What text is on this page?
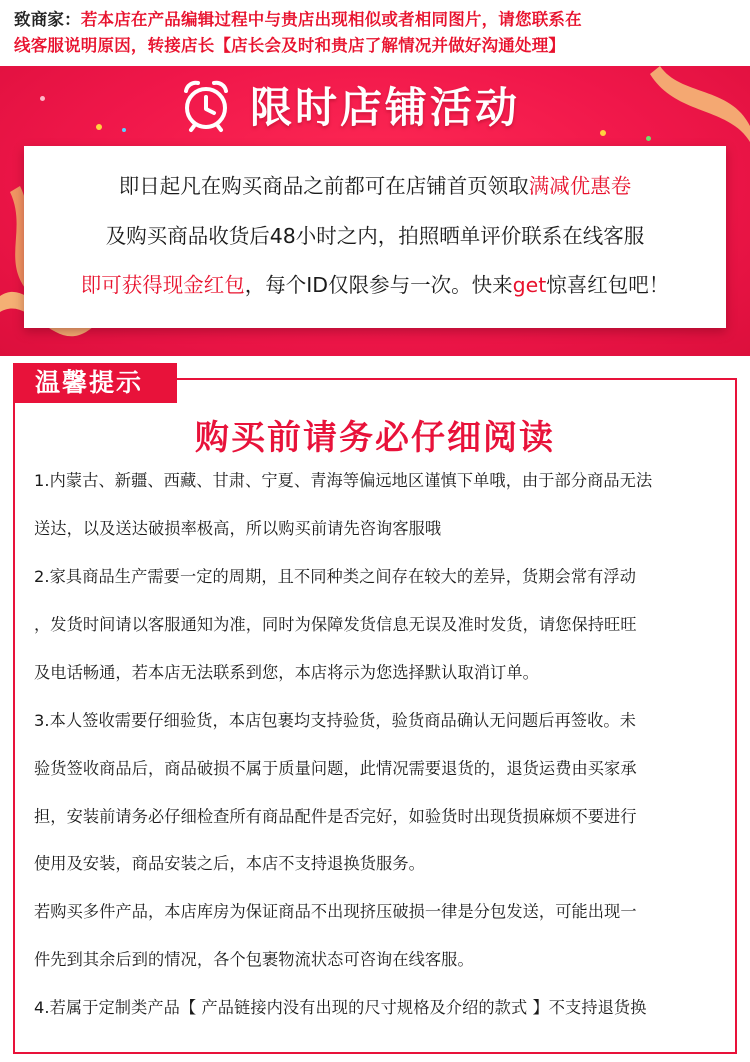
致商家：若本店在产品编辑过程中与贵店出现相似或者相同图片，请您联系在
线客服说明原因，转接店长【店长会及时和贵店了解情况并做好沟通处理】
限时店铺活动
即日起凡在购买商品之前都可在店铺首页领取满减优惠卷
及购买商品收货后48小时之内，拍照晒单评价联系在线客服
即可获得现金红包，每个ID仅限参与一次。快来get惊喜红包吧！
温馨提示
购买前请务必仔细阅读
1.内蒙古、新疆、西藏、甘肃、宁夏、青海等偏远地区谨慎下单哦，由于部分商品无法
送达，以及送达破损率极高，所以购买前请先咨询客服哦
2.家具商品生产需要一定的周期，且不同种类之间存在较大的差异，货期会常有浮动
，发货时间请以客服通知为准，同时为保障发货信息无误及准时发货，请您保持旺旺
及电话畅通，若本店无法联系到您，本店将示为您选择默认取消订单。
3.本人签收需要仔细验货，本店包裹均支持验货，验货商品确认无问题后再签收。未
验货签收商品后，商品破损不属于质量问题，此情况需要退货的，退货运费由买家承
担，安装前请务必仔细检查所有商品配件是否完好，如验货时出现货损麻烦不要进行
使用及安装，商品安装之后，本店不支持退换货服务。
若购买多件产品，本店库房为保证商品不出现挤压破损一律是分包发送，可能出现一
件先到其余后到的情况，各个包裹物流状态可咨询在线客服。
4.若属于定制类产品【 产品链接内没有出现的尺寸规格及介绍的款式 】不支持退货换
